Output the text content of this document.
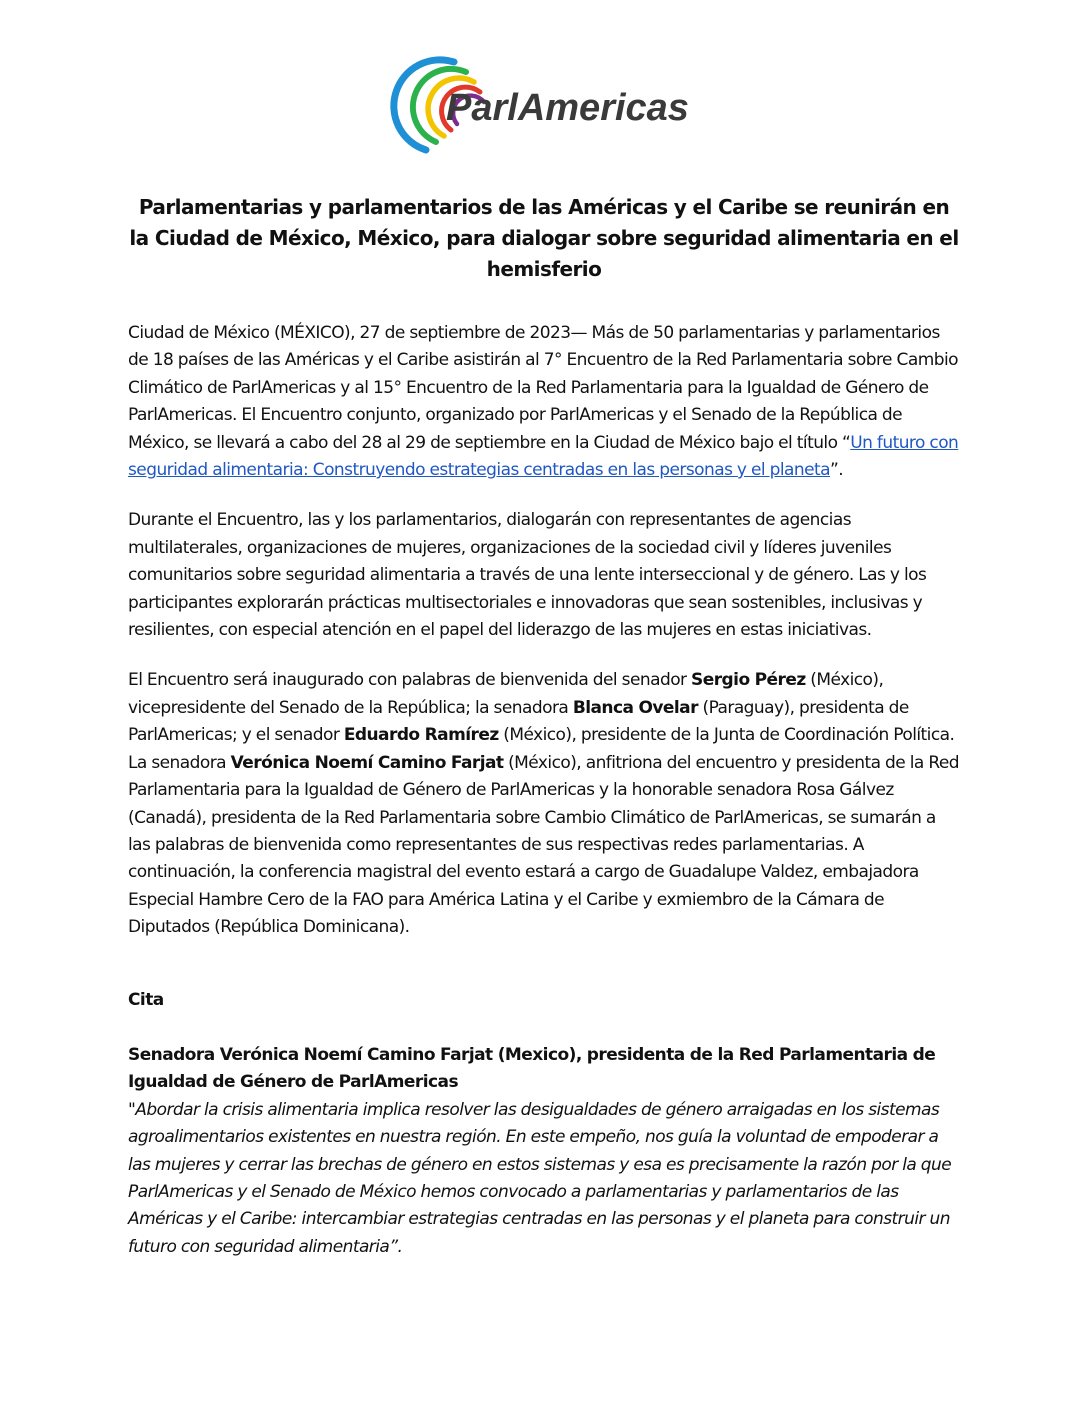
ParlAmericas
Parlamentarias y parlamentarios de las Américas y el Caribe se reunirán en la Ciudad de México, México, para dialogar sobre seguridad alimentaria en el hemisferio

Ciudad de México (MÉXICO), 27 de septiembre de 2023— Más de 50 parlamentarias y parlamentarios de 18 países de las Américas y el Caribe asistirán al 7° Encuentro de la Red Parlamentaria sobre Cambio Climático de ParlAmericas y al 15° Encuentro de la Red Parlamentaria para la Igualdad de Género de ParlAmericas. El Encuentro conjunto, organizado por ParlAmericas y el Senado de la República de México, se llevará a cabo del 28 al 29 de septiembre en la Ciudad de México bajo el título “Un futuro con seguridad alimentaria: Construyendo estrategias centradas en las personas y el planeta”.

Durante el Encuentro, las y los parlamentarios, dialogarán con representantes de agencias multilaterales, organizaciones de mujeres, organizaciones de la sociedad civil y líderes juveniles comunitarios sobre seguridad alimentaria a través de una lente interseccional y de género. Las y los participantes explorarán prácticas multisectoriales e innovadoras que sean sostenibles, inclusivas y resilientes, con especial atención en el papel del liderazgo de las mujeres en estas iniciativas.

El Encuentro será inaugurado con palabras de bienvenida del senador Sergio Pérez (México), vicepresidente del Senado de la República; la senadora Blanca Ovelar (Paraguay), presidenta de ParlAmericas; y el senador Eduardo Ramírez (México), presidente de la Junta de Coordinación Política. La senadora Verónica Noemí Camino Farjat (México), anfitriona del encuentro y presidenta de la Red Parlamentaria para la Igualdad de Género de ParlAmericas y la honorable senadora Rosa Gálvez (Canadá), presidenta de la Red Parlamentaria sobre Cambio Climático de ParlAmericas, se sumarán a las palabras de bienvenida como representantes de sus respectivas redes parlamentarias. A continuación, la conferencia magistral del evento estará a cargo de Guadalupe Valdez, embajadora Especial Hambre Cero de la FAO para América Latina y el Caribe y exmiembro de la Cámara de Diputados (República Dominicana).

Cita

Senadora Verónica Noemí Camino Farjat (Mexico), presidenta de la Red Parlamentaria de Igualdad de Género de ParlAmericas

"Abordar la crisis alimentaria implica resolver las desigualdades de género arraigadas en los sistemas agroalimentarios existentes en nuestra región. En este empeño, nos guía la voluntad de empoderar a las mujeres y cerrar las brechas de género en estos sistemas y esa es precisamente la razón por la que ParlAmericas y el Senado de México hemos convocado a parlamentarias y parlamentarios de las Américas y el Caribe: intercambiar estrategias centradas en las personas y el planeta para construir un futuro con seguridad alimentaria”.
